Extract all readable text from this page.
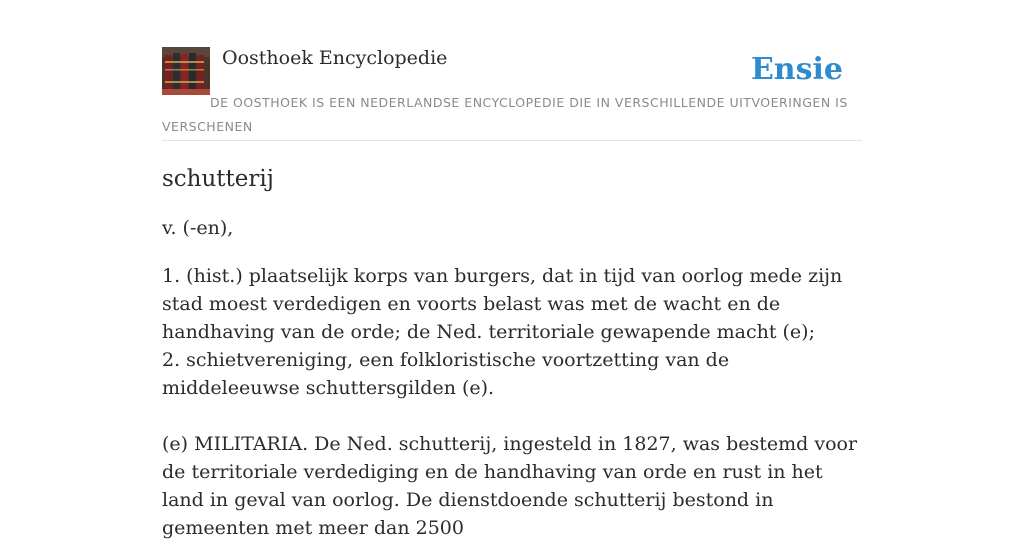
Oosthoek Encyclopedie	Ensie
DE OOSTHOEK IS EEN NEDERLANDSE ENCYCLOPEDIE DIE IN VERSCHILLENDE UITVOERINGEN IS VERSCHENEN
schutterij

v. (-en),

1. (hist.) plaatselijk korps van burgers, dat in tijd van oorlog mede zijn stad moest verdedigen en voorts belast was met de wacht en de handhaving van de orde; de Ned. territoriale gewapende macht (e);
2. schietvereniging, een folkloristische voortzetting van de middeleeuwse schuttersgilden (e).

(e) MILITARIA. De Ned. schutterij, ingesteld in 1827, was bestemd voor de territoriale verdediging en de handhaving van orde en rust in het land in geval van oorlog. De dienstdoende schutterij bestond in gemeenten met meer dan 2500
